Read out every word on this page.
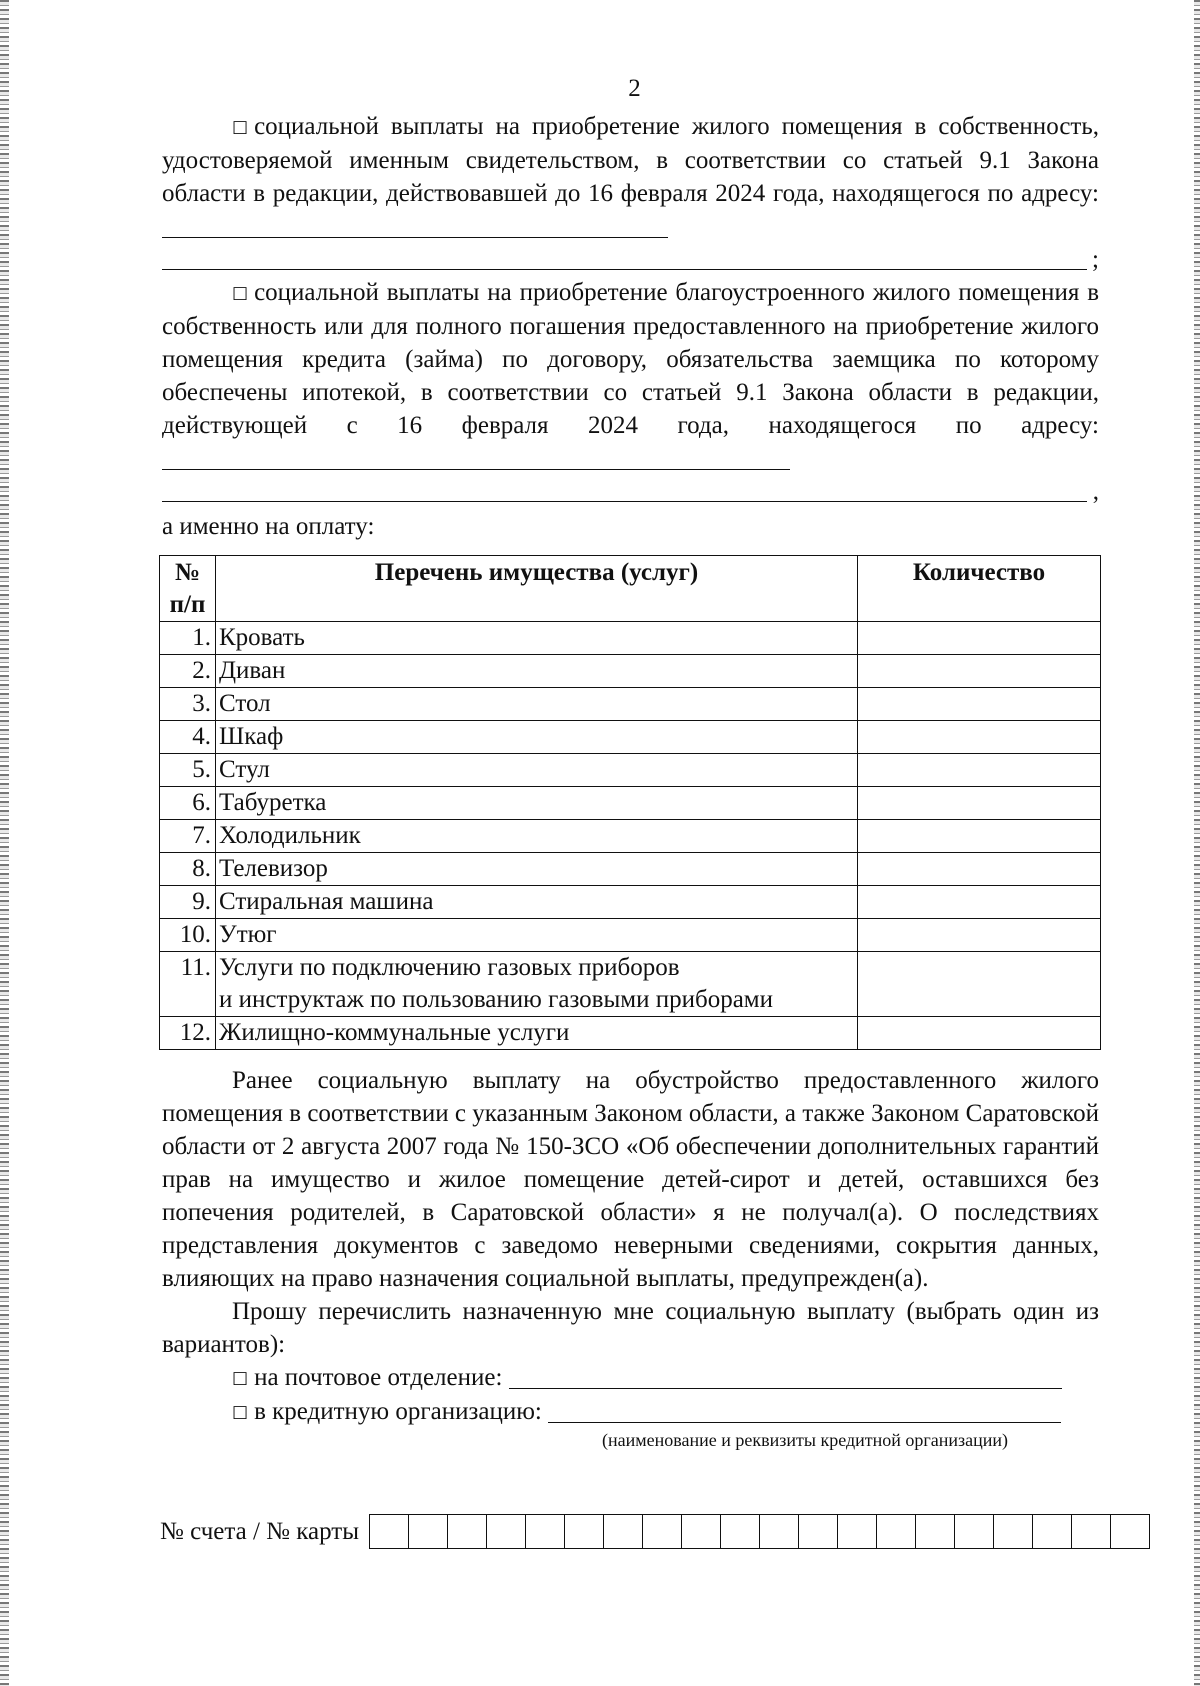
2

□ социальной выплаты на приобретение жилого помещения в собственность, удостоверяемой именным свидетельством, в соответствии со статьей 9.1 Закона области в редакции, действовавшей до 16 февраля 2024 года, находящегося по адресу:

;

□ социальной выплаты на приобретение благоустроенного жилого помещения в собственность или для полного погашения предоставленного на приобретение жилого помещения кредита (займа) по договору, обязательства заемщика по которому обеспечены ипотекой, в соответствии со статьей 9.1 Закона области в редакции, действующей с 16 февраля 2024 года, находящегося по адресу:

,
а именно на оплату:
№ п/п	Перечень имущества (услуг)	Количество
1.	Кровать	

2.	Диван	

3.	Стол	

4.	Шкаф	

5.	Стул	

6.	Табуретка	

7.	Холодильник	

8.	Телевизор	

9.	Стиральная машина	

10.	Утюг	

11.	Услуги по подключению газовых приборов
и инструктаж по пользованию газовыми приборами	

12.	Жилищно-коммунальные услуги	

Ранее социальную выплату на обустройство предоставленного жилого помещения в соответствии с указанным Законом области, а также Законом Саратовской области от 2 августа 2007 года № 150-ЗСО «Об обеспечении дополнительных гарантий прав на имущество и жилое помещение детей-сирот и детей, оставшихся без попечения родителей, в Саратовской области» я не получал(а). О последствиях представления документов с заведомо неверными сведениями, сокрытия данных, влияющих на право назначения социальной выплаты, предупрежден(а).

Прошу перечислить назначенную мне социальную выплату (выбрать один из вариантов):

□ на почтовое отделение:
□ в кредитную организацию:
(наименование и реквизиты кредитной организации)
№ счета / № карты
